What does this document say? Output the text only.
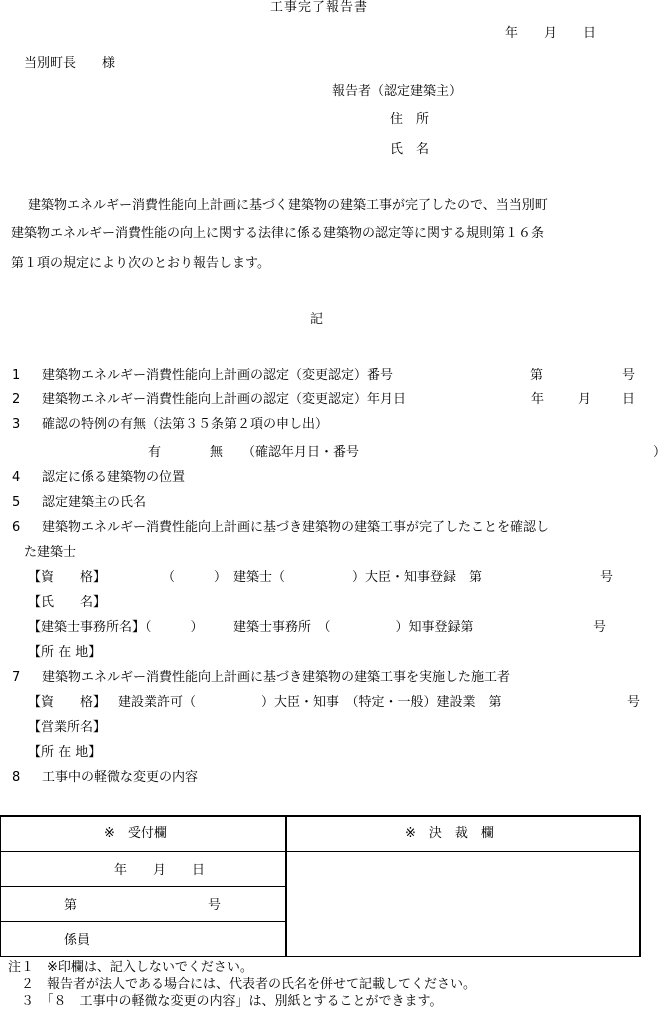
工事完了報告書
年　　月　　日
当別町長　　様
報告者（認定建築主）
住　所
氏　名
建築物エネルギー消費性能向上計画に基づく建築物の建築工事が完了したので、当当別町
建築物エネルギー消費性能の向上に関する法律に係る建築物の認定等に関する規則第１６条
第１項の規定により次のとおり報告します。
記
1 建築物エネルギー消費性能向上計画の認定（変更認定）番号	第	号
2 建築物エネルギー消費性能向上計画の認定（変更認定）年月日	年	月 日
3 確認の特例の有無（法第３５条第２項の申し出）
有	無 （確認年月日・番号	）
4 認定に係る建築物の位置
5 認定建築主の氏名
6 建築物エネルギー消費性能向上計画に基づき建築物の建築工事が完了したことを確認し
た建築士
【資　　格】	（　　　） 建築士（	）大臣・知事登録　第	号
【氏　　名】
【建築士事務所名】（　　　） 建築士事務所　（　　　　　）知事登録第	号
【所 在 地】
7 建築物エネルギー消費性能向上計画に基づき建築物の建築工事を実施した施工者
【資　　格】 建設業許可（　　　　　）大臣・知事　（特定・一般）建設業　第	号
【営業所名】
【所 在 地】
8 工事中の軽微な変更の内容
※　受付欄	※　決　裁　欄
年　　月　　日
第	号
係員
注１　※印欄は、記入しないでください。
　２　報告者が法人である場合には、代表者の氏名を併せて記載してください。
　３　「８　工事中の軽微な変更の内容」は、別紙とすることができます。
